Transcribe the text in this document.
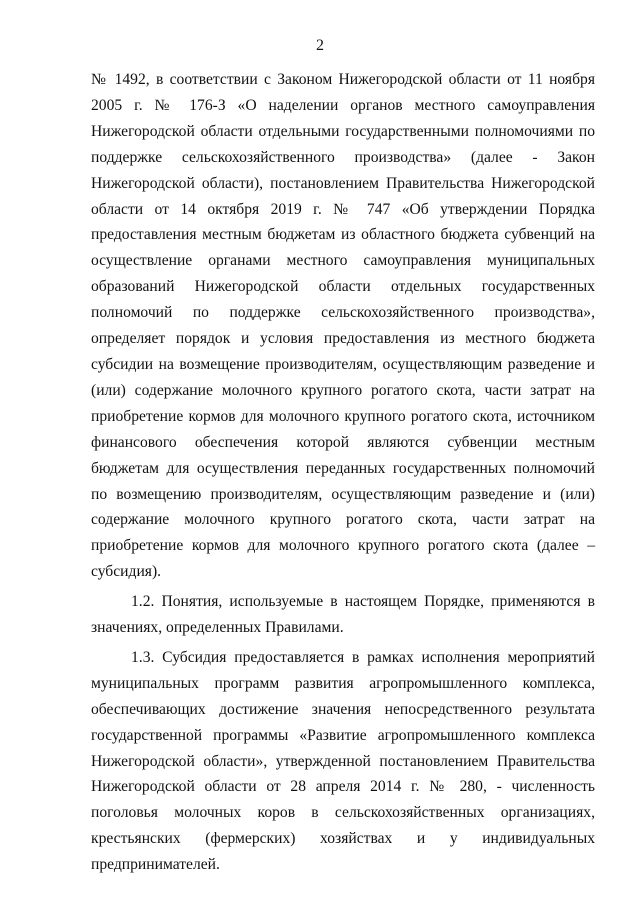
2

№ 1492, в соответствии с Законом Нижегородской области от 11 ноября 2005 г. № 176-З «О наделении органов местного самоуправления Нижегородской области отдельными государственными полномочиями по поддержке сельскохозяйственного производства» (далее - Закон Нижегородской области), постановлением Правительства Нижегородской области от 14 октября 2019 г. № 747 «Об утверждении Порядка предоставления местным бюджетам из областного бюджета субвенций на осуществление органами местного самоуправления муниципальных образований Нижегородской области отдельных государственных полномочий по поддержке сельскохозяйственного производства», определяет порядок и условия предоставления из местного бюджета субсидии на возмещение производителям, осуществляющим разведение и (или) содержание молочного крупного рогатого скота, части затрат на приобретение кормов для молочного крупного рогатого скота, источником финансового обеспечения которой являются субвенции местным бюджетам для осуществления переданных государственных полномочий по возмещению производителям, осуществляющим разведение и (или) содержание молочного крупного рогатого скота, части затрат на приобретение кормов для молочного крупного рогатого скота (далее – субсидия).

1.2. Понятия, используемые в настоящем Порядке, применяются в значениях, определенных Правилами.

1.3. Субсидия предоставляется в рамках исполнения мероприятий муниципальных программ развития агропромышленного комплекса, обеспечивающих достижение значения непосредственного результата государственной программы «Развитие агропромышленного комплекса Нижегородской области», утвержденной постановлением Правительства Нижегородской области от 28 апреля 2014 г. № 280, - численность поголовья молочных коров в сельскохозяйственных организациях, крестьянских (фермерских) хозяйствах и у индивидуальных предпринимателей.
